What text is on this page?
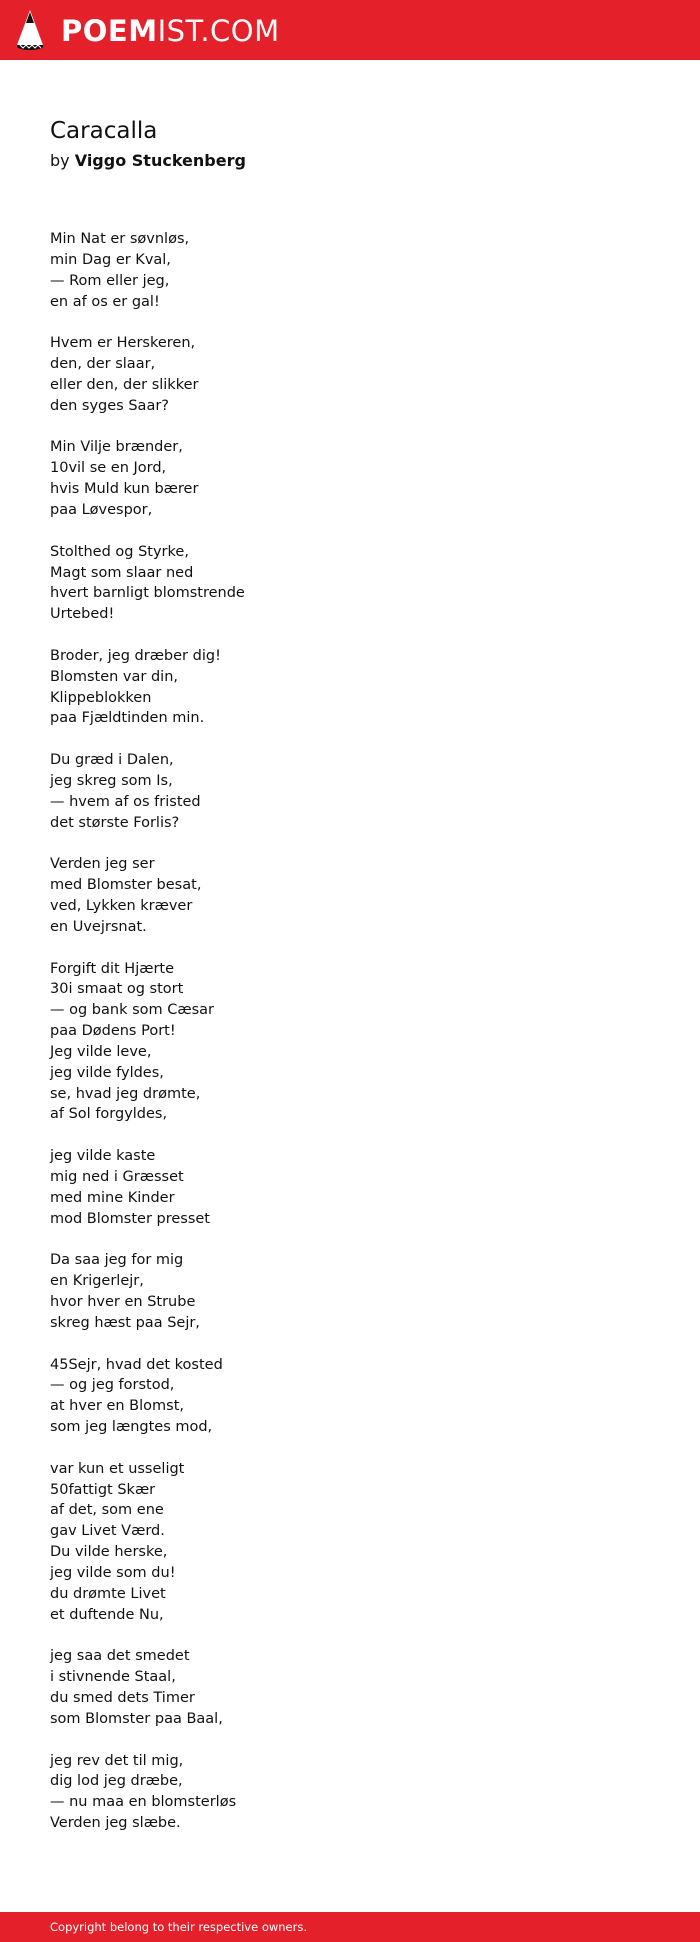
POEMIST.COM
Caracalla
by Viggo Stuckenberg
Min Nat er søvnløs,
min Dag er Kval,
— Rom eller jeg,
en af os er gal!
Hvem er Herskeren,
den, der slaar,
eller den, der slikker
den syges Saar?
Min Vilje brænder,
10vil se en Jord,
hvis Muld kun bærer
paa Løvespor,
Stolthed og Styrke,
Magt som slaar ned
hvert barnligt blomstrende
Urtebed!
Broder, jeg dræber dig!
Blomsten var din,
Klippeblokken
paa Fjældtinden min.
Du græd i Dalen,
jeg skreg som Is,
— hvem af os fristed
det største Forlis?
Verden jeg ser
med Blomster besat,
ved, Lykken kræver
en Uvejrsnat.
Forgift dit Hjærte
30i smaat og stort
— og bank som Cæsar
paa Dødens Port!
Jeg vilde leve,
jeg vilde fyldes,
se, hvad jeg drømte,
af Sol forgyldes,
jeg vilde kaste
mig ned i Græsset
med mine Kinder
mod Blomster presset
Da saa jeg for mig
en Krigerlejr,
hvor hver en Strube
skreg hæst paa Sejr,
45Sejr, hvad det kosted
— og jeg forstod,
at hver en Blomst,
som jeg længtes mod,
var kun et usseligt
50fattigt Skær
af det, som ene
gav Livet Værd.
Du vilde herske,
jeg vilde som du!
du drømte Livet
et duftende Nu,
jeg saa det smedet
i stivnende Staal,
du smed dets Timer
som Blomster paa Baal,
jeg rev det til mig,
dig lod jeg dræbe,
— nu maa en blomsterløs
Verden jeg slæbe.
Copyright belong to their respective owners.
